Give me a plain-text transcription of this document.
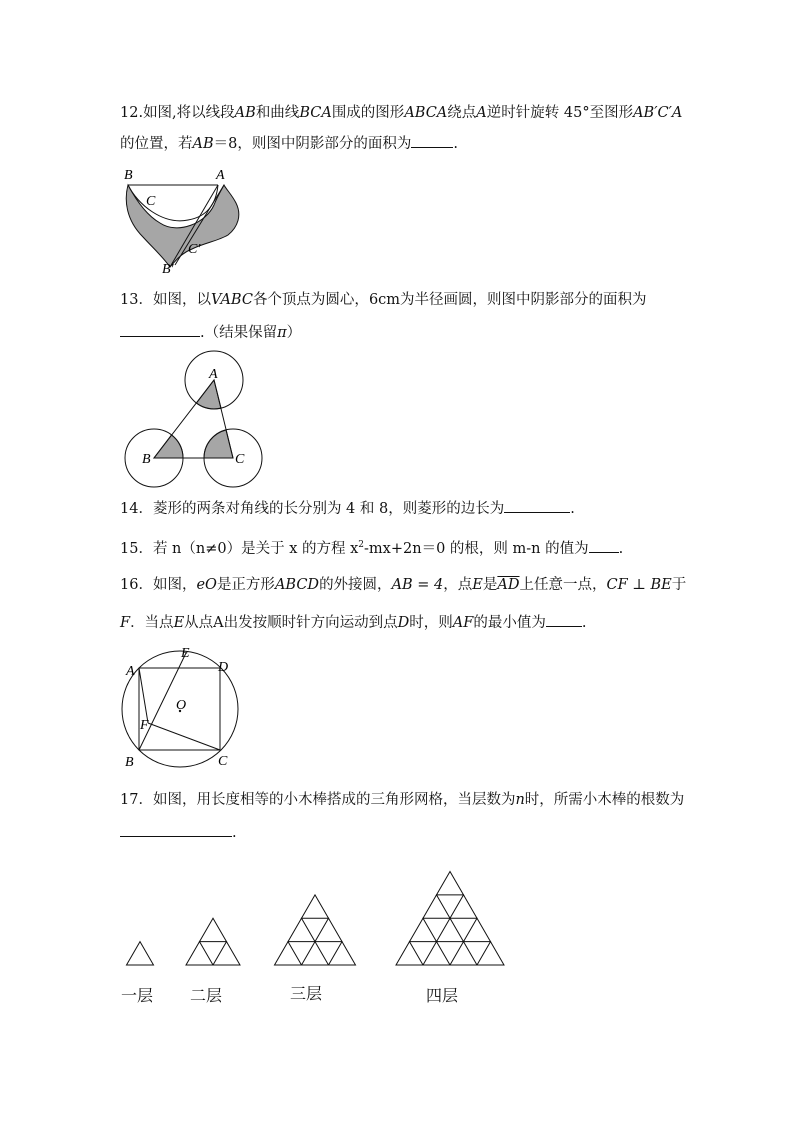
12.如图,将以线段AB和曲线BCA围成的图形ABCA绕点A逆时针旋转 45°至图形AB′C′A
的位置，若AB＝8，则图中阴影部分的面积为	.
B	A
C
C′
B′
13．如图，以VABC各个顶点为圆心，6cm为半径画圆，则图中阴影部分的面积为
.（结果保留π）
A
B	C
14．菱形的两条对角线的长分别为 4 和 8，则菱形的边长为	.
15．若 n（n≠0）是关于 x 的方程 $x^2-mx+2n=0$ 的根，则 m-n 的值为 .
16．如图，eO是正方形ABCD的外接圆，AB = 4，点E是$\overline{AD}$上任意一点，CF ⊥ BE于
F．当点E从点A出发按顺时针方向运动到点D时，则AF的最小值为 .
A
E
D
O
F
B	C
17．如图，用长度相等的小木棒搭成的三角形网格，当层数为n时，所需小木棒的根数为
.
一层 二层	三层	四层
